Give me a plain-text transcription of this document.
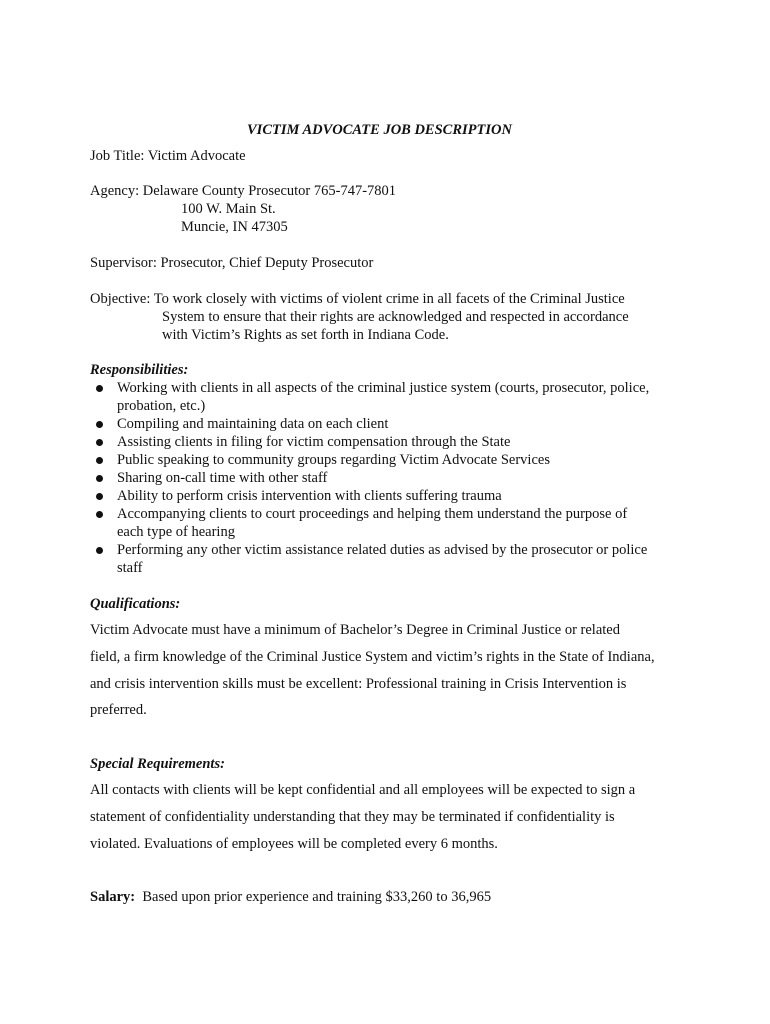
VICTIM ADVOCATE JOB DESCRIPTION
Job Title: Victim Advocate
Agency: Delaware County Prosecutor 765-747-7801
100 W. Main St.
Muncie, IN 47305
Supervisor: Prosecutor, Chief Deputy Prosecutor
Objective: To work closely with victims of violent crime in all facets of the Criminal Justice
System to ensure that their rights are acknowledged and respected in accordance
with Victim’s Rights as set forth in Indiana Code.
Responsibilities:
Working with clients in all aspects of the criminal justice system (courts, prosecutor, police,
probation, etc.)
Compiling and maintaining data on each client
Assisting clients in filing for victim compensation through the State
Public speaking to community groups regarding Victim Advocate Services
Sharing on-call time with other staff
Ability to perform crisis intervention with clients suffering trauma
Accompanying clients to court proceedings and helping them understand the purpose of
each type of hearing
Performing any other victim assistance related duties as advised by the prosecutor or police
staff
Qualifications:
Victim Advocate must have a minimum of Bachelor’s Degree in Criminal Justice or related
field, a firm knowledge of the Criminal Justice System and victim’s rights in the State of Indiana,
and crisis intervention skills must be excellent: Professional training in Crisis Intervention is
preferred.
Special Requirements:
All contacts with clients will be kept confidential and all employees will be expected to sign a
statement of confidentiality understanding that they may be terminated if confidentiality is
violated. Evaluations of employees will be completed every 6 months.
Salary:  Based upon prior experience and training $33,260 to 36,965
